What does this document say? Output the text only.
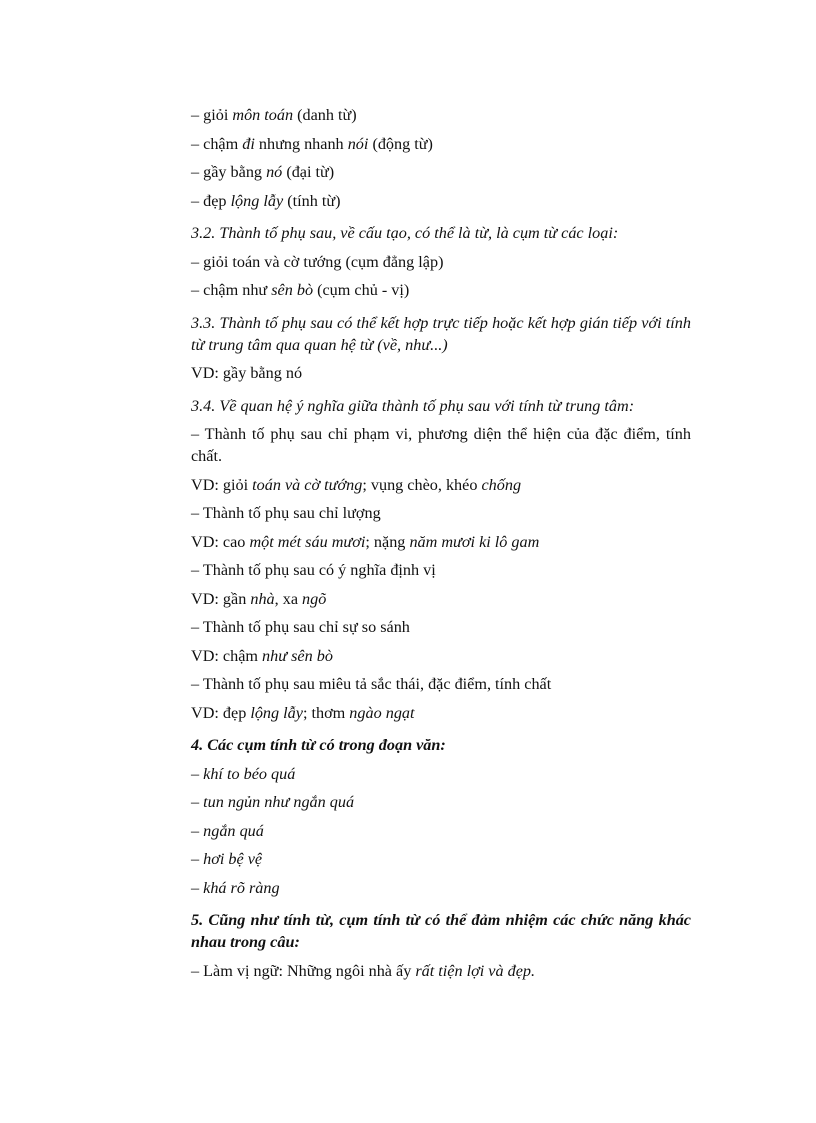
– giỏi môn toán (danh từ)

– chậm đi nhưng nhanh nói (động từ)

– gầy bằng nó (đại từ)

– đẹp lộng lẫy (tính từ)

3.2. Thành tố phụ sau, về cấu tạo, có thể là từ, là cụm từ các loại:

– giỏi toán và cờ tướng (cụm đẳng lập)

– chậm như sên bò (cụm chủ - vị)

3.3. Thành tố phụ sau có thể kết hợp trực tiếp hoặc kết hợp gián tiếp với tính từ trung tâm qua quan hệ từ (về, như...)

VD: gầy bằng nó

3.4. Về quan hệ ý nghĩa giữa thành tố phụ sau với tính từ trung tâm:

– Thành tố phụ sau chỉ phạm vi, phương diện thể hiện của đặc điểm, tính chất.

VD: giỏi toán và cờ tướng; vụng chèo, khéo chống

– Thành tố phụ sau chỉ lượng

VD: cao một mét sáu mươi; nặng năm mươi ki lô gam

– Thành tố phụ sau có ý nghĩa định vị

VD: gần nhà, xa ngõ

– Thành tố phụ sau chỉ sự so sánh

VD: chậm như sên bò

– Thành tố phụ sau miêu tả sắc thái, đặc điểm, tính chất

VD: đẹp lộng lẫy; thơm ngào ngạt

4. Các cụm tính từ có trong đoạn văn:

– khí to béo quá

– tun ngủn như ngắn quá

– ngắn quá

– hơi bệ vệ

– khá rõ ràng

5. Cũng như tính từ, cụm tính từ có thể đảm nhiệm các chức năng khác nhau trong câu:

– Làm vị ngữ: Những ngôi nhà ấy rất tiện lợi và đẹp.
